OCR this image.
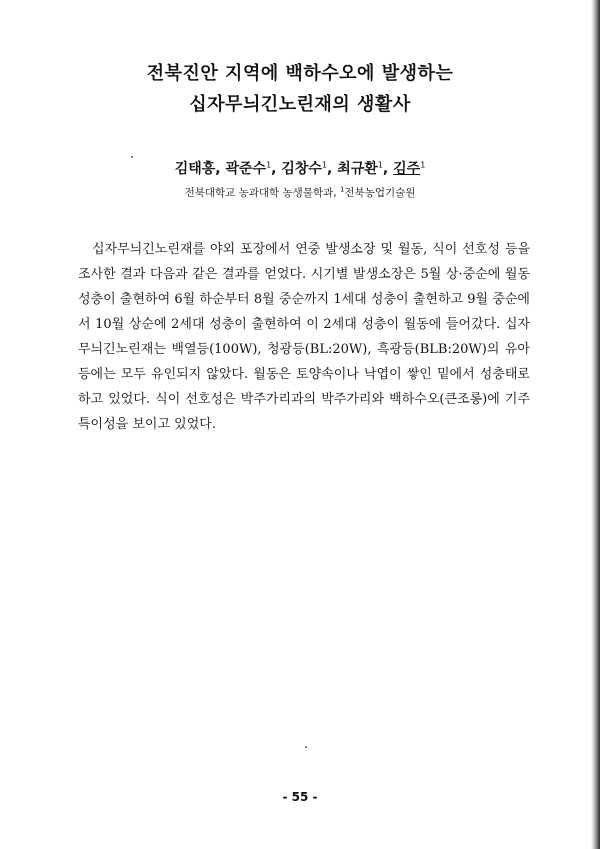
전북진안 지역에 백하수오에 발생하는
십자무늬긴노린재의 생활사
김태흥, 곽준수$^1$, 김창수$^1$, 최규환$^1$, 김주$^1$
전북대학교 농과대학 농생물학과, $^1$전북농업기술원

십자무늬긴노린재를 야외 포장에서 연중 발생소장 및 월동, 식이 선호성 등을 조사한 결과 다음과 같은 결과를 얻었다. 시기별 발생소장은 5월 상·중순에 월동성충이 출현하여 6월 하순부터 8월 중순까지 1세대 성충이 출현하고 9월 중순에서 10월 상순에 2세대 성충이 출현하여 이 2세대 성충이 월동에 들어갔다. 십자무늬긴노린재는 백열등(100W), 청광등(BL:20W), 흑광등(BLB:20W)의 유아등에는 모두 유인되지 않았다. 월동은 토양속이나 낙엽이 쌓인 밑에서 성충태로 하고 있었다. 식이 선호성은 박주가리과의 박주가리와 백하수오(큰조롱)에 기주특이성을 보이고 있었다.

- 55 -
